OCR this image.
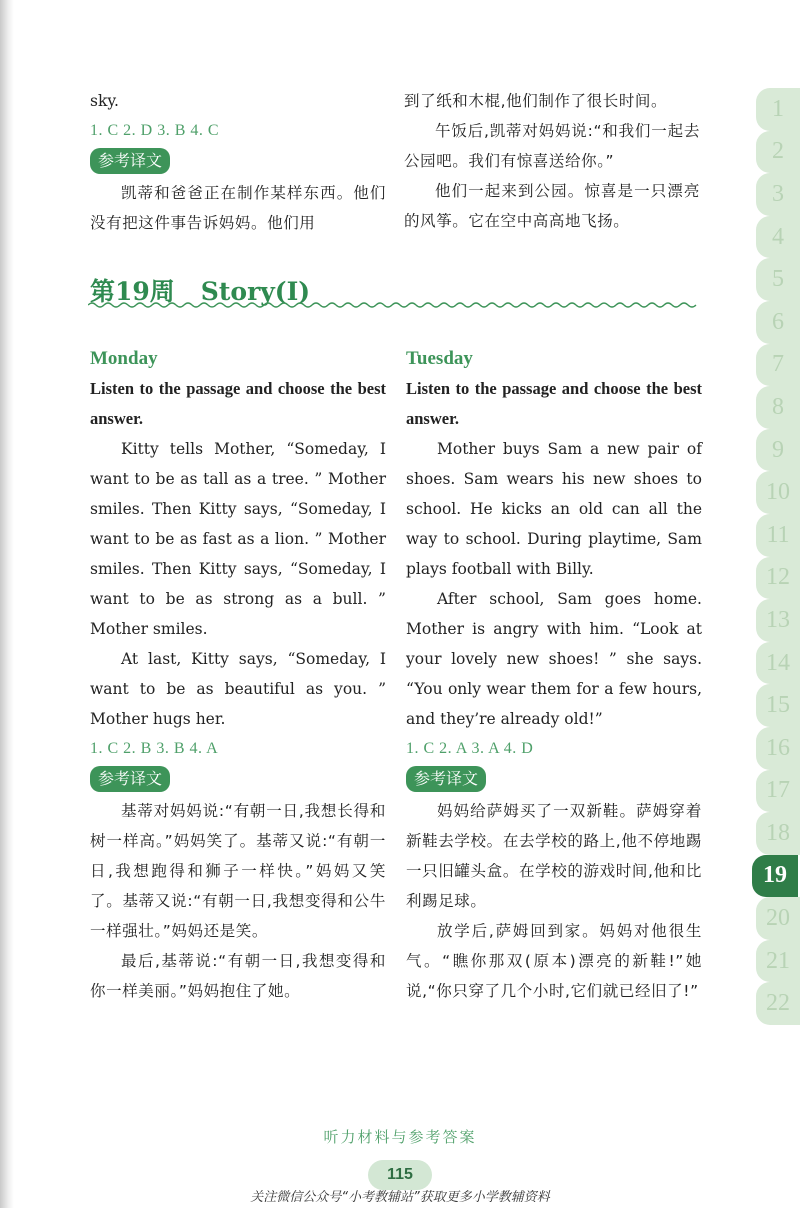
sky.

1. C 2. D 3. B 4. C

参考译文

凯蒂和爸爸正在制作某样东西。他们没有把这件事告诉妈妈。他们用

到了纸和木棍,他们制作了很长时间。

午饭后,凯蒂对妈妈说:“和我们一起去公园吧。我们有惊喜送给你。”

他们一起来到公园。惊喜是一只漂亮的风筝。它在空中高高地飞扬。

第19周 Story(Ⅰ)

Monday

Listen to the passage and choose the best answer.

Kitty tells Mother, “Someday, I want to be as tall as a tree. ” Mother smiles. Then Kitty says, “Someday, I want to be as fast as a lion. ” Mother smiles. Then Kitty says, “Someday, I want to be as strong as a bull. ” Mother smiles.

At last, Kitty says, “Someday, I want to be as beautiful as you. ” Mother hugs her.

1. C 2. B 3. B 4. A

参考译文

基蒂对妈妈说:“有朝一日,我想长得和树一样高。”妈妈笑了。基蒂又说:“有朝一日,我想跑得和狮子一样快。”妈妈又笑了。基蒂又说:“有朝一日,我想变得和公牛一样强壮。”妈妈还是笑。

最后,基蒂说:“有朝一日,我想变得和你一样美丽。”妈妈抱住了她。

Tuesday

Listen to the passage and choose the best answer.

Mother buys Sam a new pair of shoes. Sam wears his new shoes to school. He kicks an old can all the way to school. During playtime, Sam plays football with Billy.

After school, Sam goes home. Mother is angry with him. “Look at your lovely new shoes! ” she says. “You only wear them for a few hours, and they’re already old!”

1. C 2. A 3. A 4. D

参考译文

妈妈给萨姆买了一双新鞋。萨姆穿着新鞋去学校。在去学校的路上,他不停地踢一只旧罐头盒。在学校的游戏时间,他和比利踢足球。

放学后,萨姆回到家。妈妈对他很生气。“瞧你那双(原本)漂亮的新鞋!”她说,“你只穿了几个小时,它们就已经旧了!”

1
2
3
4
5
6
7
8
9
10
11
12
13
14
15
16
17
18
19
20
21
22
听力材料与参考答案
115
关注微信公众号“小考教辅站”获取更多小学教辅资料
